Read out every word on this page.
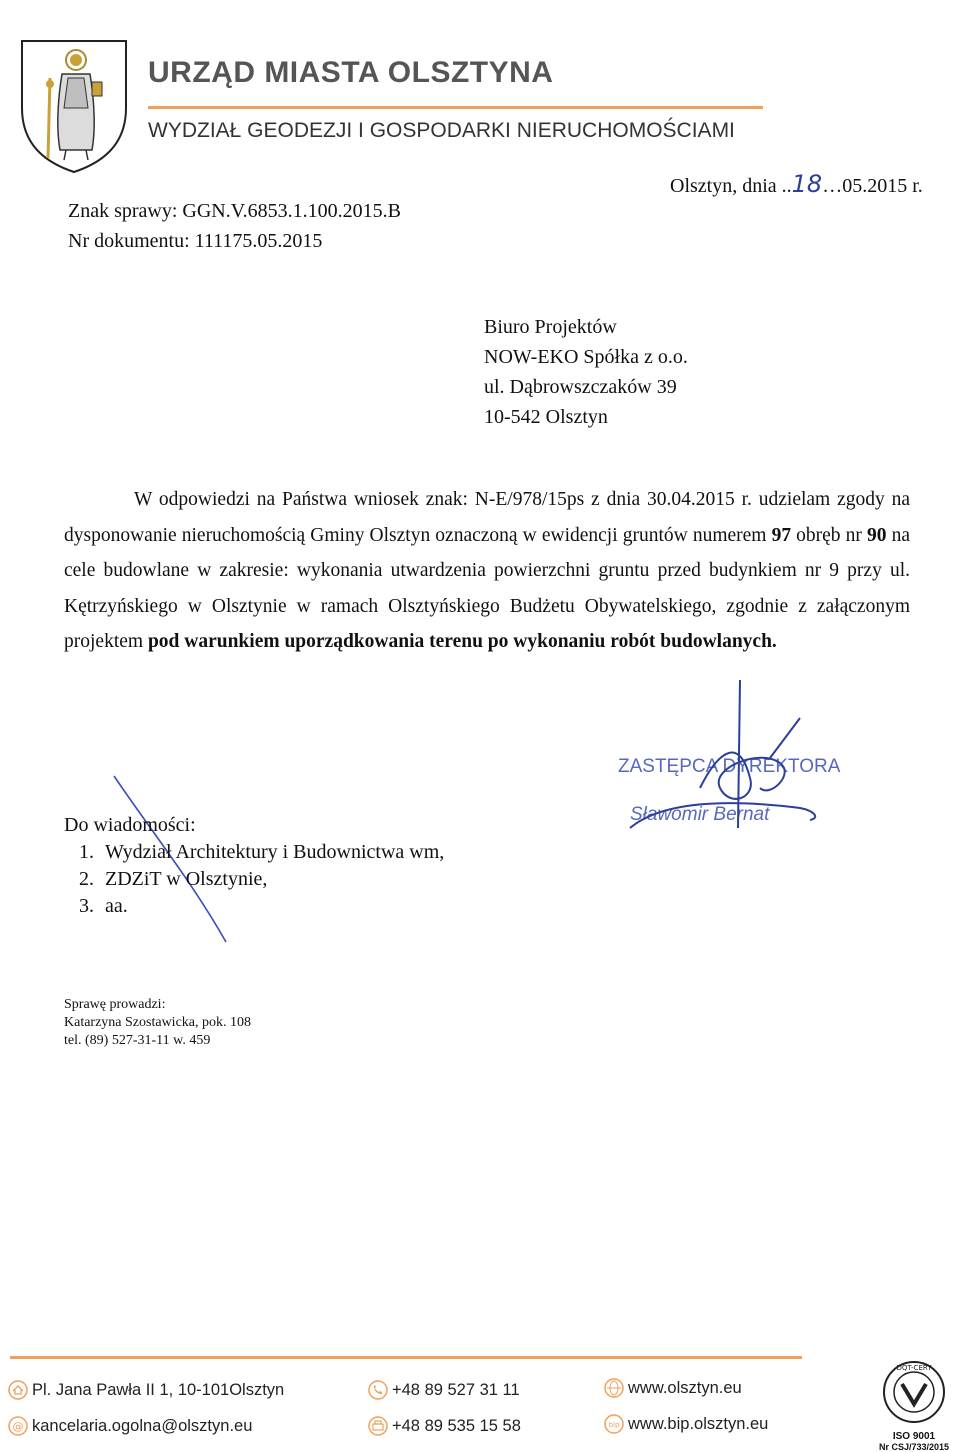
URZĄD MIASTA OLSZTYNA
WYDZIAŁ GEODEZJI I GOSPODARKI NIERUCHOMOŚCIAMI
Olsztyn, dnia ..18…05.2015 r.
Znak sprawy: GGN.V.6853.1.100.2015.B
Nr dokumentu: 111175.05.2015
Biuro Projektów
NOW-EKO Spółka z o.o.
ul. Dąbrowszczaków 39
10-542 Olsztyn

W odpowiedzi na Państwa wniosek znak: N-E/978/15ps z dnia 30.04.2015 r. udzielam zgody na dysponowanie nieruchomością Gminy Olsztyn oznaczoną w ewidencji gruntów numerem 97 obręb nr 90 na cele budowlane w zakresie: wykonania utwardzenia powierzchni gruntu przed budynkiem nr 9 przy ul. Kętrzyńskiego w Olsztynie w ramach Olsztyńskiego Budżetu Obywatelskiego, zgodnie z załączonym projektem pod warunkiem uporządkowania terenu po wykonaniu robót budowlanych.

ZASTĘPCA DYREKTORA
Sławomir Bernat
Do wiadomości:
1. Wydział Architektury i Budownictwa wm,
2. ZDZiT w Olsztynie,
3. aa.
Sprawę prowadzi:
Katarzyna Szostawicka, pok. 108
tel. (89) 527-31-11 w. 459
Pl. Jana Pawła II 1, 10-101Olsztyn
@ kancelaria.ogolna@olsztyn.eu
+48 89 527 31 11
+48 89 535 15 58
www.olsztyn.eu
bip www.bip.olsztyn.eu
DQT-CERT
ISO 9001
Nr CSJ/733/2015
